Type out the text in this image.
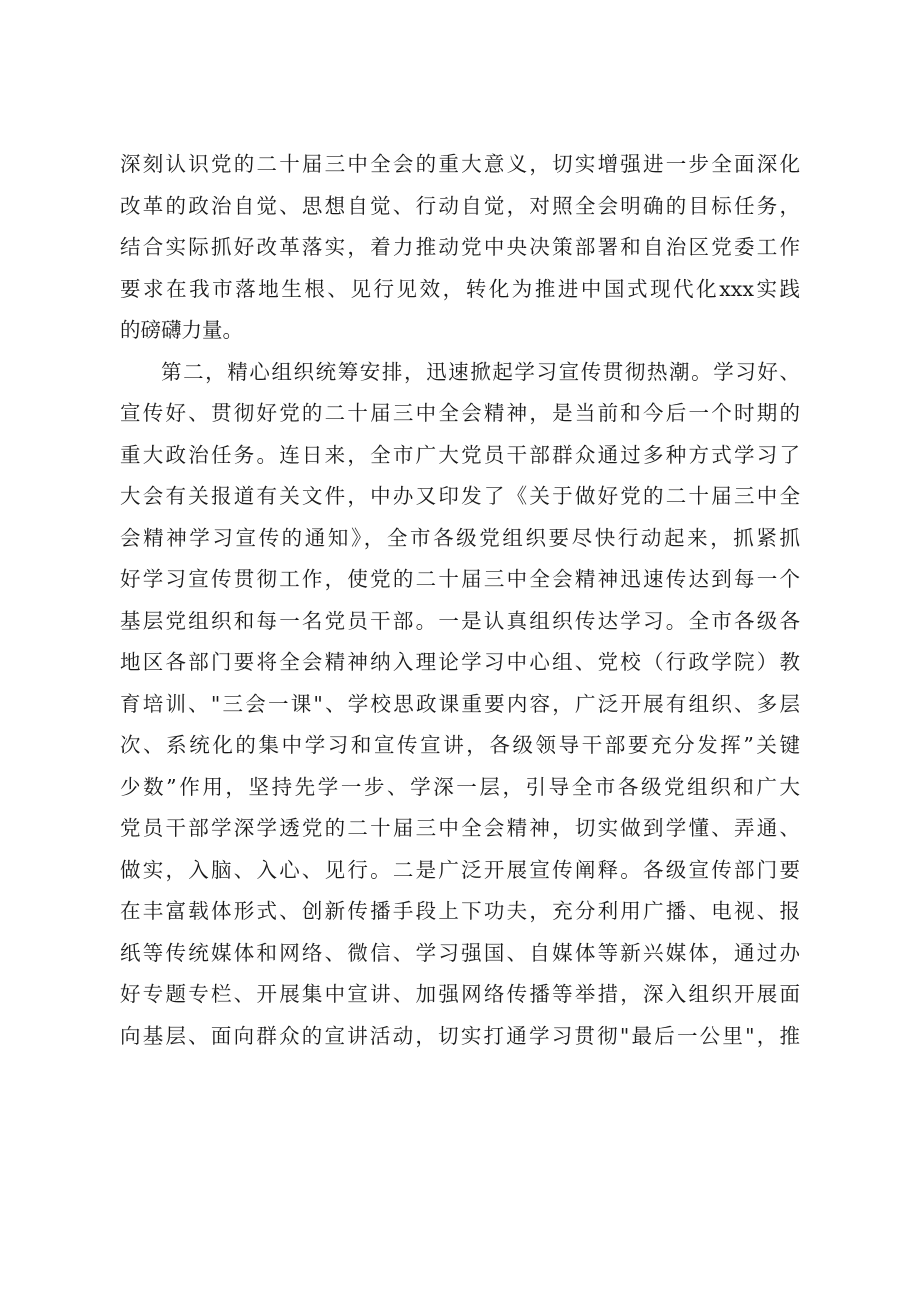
深刻认识党的二十届三中全会的重大意义，切实增强进一步全面深化
改革的政治自觉、思想自觉、行动自觉，对照全会明确的目标任务，
结合实际抓好改革落实，着力推动党中央决策部署和自治区党委工作
要求在我市落地生根、见行见效，转化为推进中国式现代化xxx实践
的磅礴力量。
第二，精心组织统筹安排，迅速掀起学习宣传贯彻热潮。学习好、
宣传好、贯彻好党的二十届三中全会精神，是当前和今后一个时期的
重大政治任务。连日来，全市广大党员干部群众通过多种方式学习了
大会有关报道有关文件，中办又印发了《关于做好党的二十届三中全
会精神学习宣传的通知》，全市各级党组织要尽快行动起来，抓紧抓
好学习宣传贯彻工作，使党的二十届三中全会精神迅速传达到每一个
基层党组织和每一名党员干部。一是认真组织传达学习。全市各级各
地区各部门要将全会精神纳入理论学习中心组、党校（行政学院）教
育培训、"三会一课"、学校思政课重要内容，广泛开展有组织、多层
次、系统化的集中学习和宣传宣讲，各级领导干部要充分发挥”关键
少数”作用，坚持先学一步、学深一层，引导全市各级党组织和广大
党员干部学深学透党的二十届三中全会精神，切实做到学懂、弄通、
做实，入脑、入心、见行。二是广泛开展宣传阐释。各级宣传部门要
在丰富载体形式、创新传播手段上下功夫，充分利用广播、电视、报
纸等传统媒体和网络、微信、学习强国、自媒体等新兴媒体，通过办
好专题专栏、开展集中宣讲、加强网络传播等举措，深入组织开展面
向基层、面向群众的宣讲活动，切实打通学习贯彻"最后一公里"，推
